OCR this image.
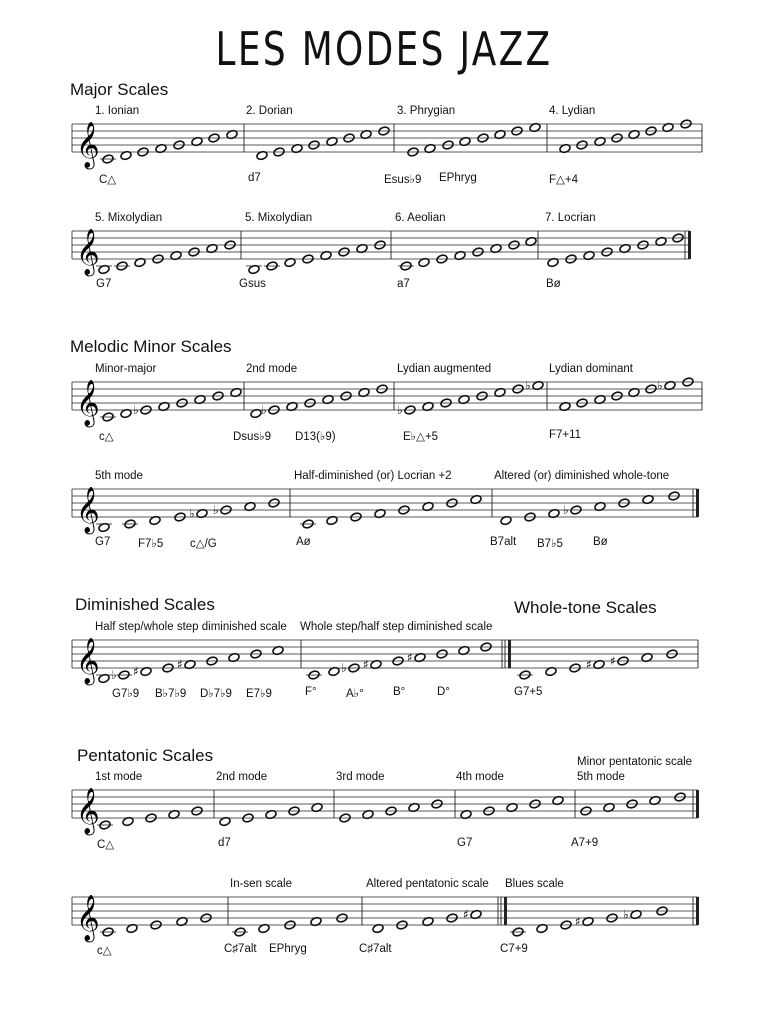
LES MODES JAZZ
Major Scales
Melodic Minor Scales
Diminished Scales	Whole-tone Scales
Pentatonic Scales
1. Ionian	2. Dorian	3. Phrygian	4. Lydian
C△	d7	Esus♭9 EPhryg	F△+4
5. Mixolydian	5. Mixolydian	6. Aeolian	7. Locrian
G7	Gsus	a7	Bø
Minor-major	2nd mode	Lydian augmented	Lydian dominant
c△	Dsus♭9 D13(♭9)	E♭△+5	F7+11
5th mode	Half-diminished (or) Locrian +2	Altered (or) diminished whole-tone
G7 F7♭5 c△/G	Aø	B7alt B7♭5	Bø
Half step/whole step diminished scale Whole step/half step diminished scale
G7♭9 B♭7♭9 D♭7♭9 E7♭9	F°	A♭°	B°	D°	G7+5
Minor pentatonic scale
1st mode	2nd mode	3rd mode	4th mode	5th mode
C△	d7	G7	A7+9
In-sen scale	Altered pentatonic scale Blues scale
c△	C♯7alt EPhryg	C♯7alt	C7+9
𝄞
𝄞
𝄞	♭	♭	♭
♭	♭
𝄞	♭ ♭	♭
𝄞 ♭ ♯	♯	♭ ♯	♯	♯ ♯
𝄞
𝄞	♯	♯	♭
